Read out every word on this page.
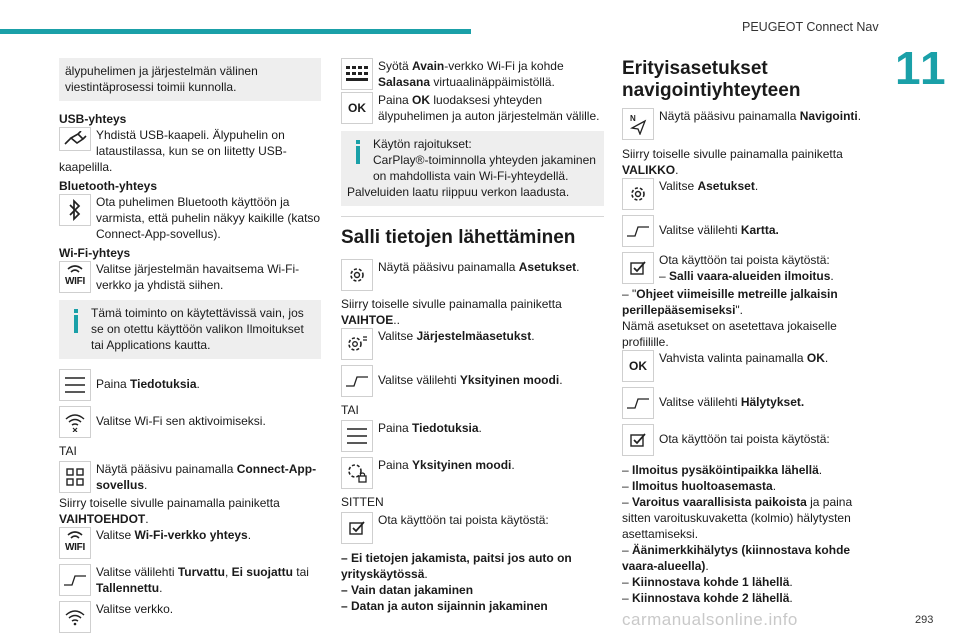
PEUGEOT Connect Nav
11

älypuhelimen ja järjestelmän välinen viestintäprosessi toimii kunnolla.

USB-yhteys

Yhdistä USB-kaapeli. Älypuhelin on lataustilassa, kun se on liitetty USB-kaapelilla.

Bluetooth-yhteys

Ota puhelimen Bluetooth käyttöön ja varmista, että puhelin näkyy kaikille (katso Connect-App-sovellus).

Wi-Fi-yhteys

WIFI

Valitse järjestelmän havaitsema Wi-Fi-verkko ja yhdistä siihen.

Tämä toiminto on käytettävissä vain, jos se on otettu käyttöön valikon Ilmoitukset tai Applications kautta.

Paina Tiedotuksia.

Valitse Wi-Fi sen aktivoimiseksi.

TAI

Näytä pääsivu painamalla Connect-App-sovellus.

Siirry toiselle sivulle painamalla painiketta VAIHTOEHDOT.

WIFI

Valitse Wi-Fi-verkko yhteys.

Valitse välilehti Turvattu, Ei suojattu tai Tallennettu.

Valitse verkko.

Syötä Avain-verkko Wi-Fi ja kohde Salasana virtuaalinäppäimistöllä.

OK

Paina OK luodaksesi yhteyden älypuhelimen ja auton järjestelmän välille.

Käytön rajoitukset:

CarPlay®-toiminnolla yhteyden jakaminen on mahdollista vain Wi-Fi-yhteydellä. Palveluiden laatu riippuu verkon laadusta.

Salli tietojen lähettäminen

Näytä pääsivu painamalla Asetukset.

Siirry toiselle sivulle painamalla painiketta VAIHTOE..

Valitse Järjestelmäasetukst.

Valitse välilehti Yksityinen moodi.

TAI

Paina Tiedotuksia.

Paina Yksityinen moodi.

SITTEN

Ota käyttöön tai poista käytöstä:

– Ei tietojen jakamista, paitsi jos auto on yrityskäytössä.

– Vain datan jakaminen

– Datan ja auton sijainnin jakaminen

Erityisasetukset navigointiyhteyteen

N	Näytä pääsivu painamalla Navigointi.

Siirry toiselle sivulle painamalla painiketta VALIKKO.

Valitse Asetukset.

Valitse välilehti Kartta.

Ota käyttöön tai poista käytöstä:

– Salli vaara-alueiden ilmoitus.

– "Ohjeet viimeisille metreille jalkaisin perillepääsemiseksi".

Nämä asetukset on asetettava jokaiselle profiilille.

OK

Vahvista valinta painamalla OK.

Valitse välilehti Hälytykset.

Ota käyttöön tai poista käytöstä:

– Ilmoitus pysäköintipaikka lähellä.

– Ilmoitus huoltoasemasta.

– Varoitus vaarallisista paikoista ja paina sitten varoituskuvaketta (kolmio) hälytysten asettamiseksi.

– Äänimerkkihälytys (kiinnostava kohde vaara-alueella).

– Kiinnostava kohde 1 lähellä.

– Kiinnostava kohde 2 lähellä.

carmanualsonline.info	293
